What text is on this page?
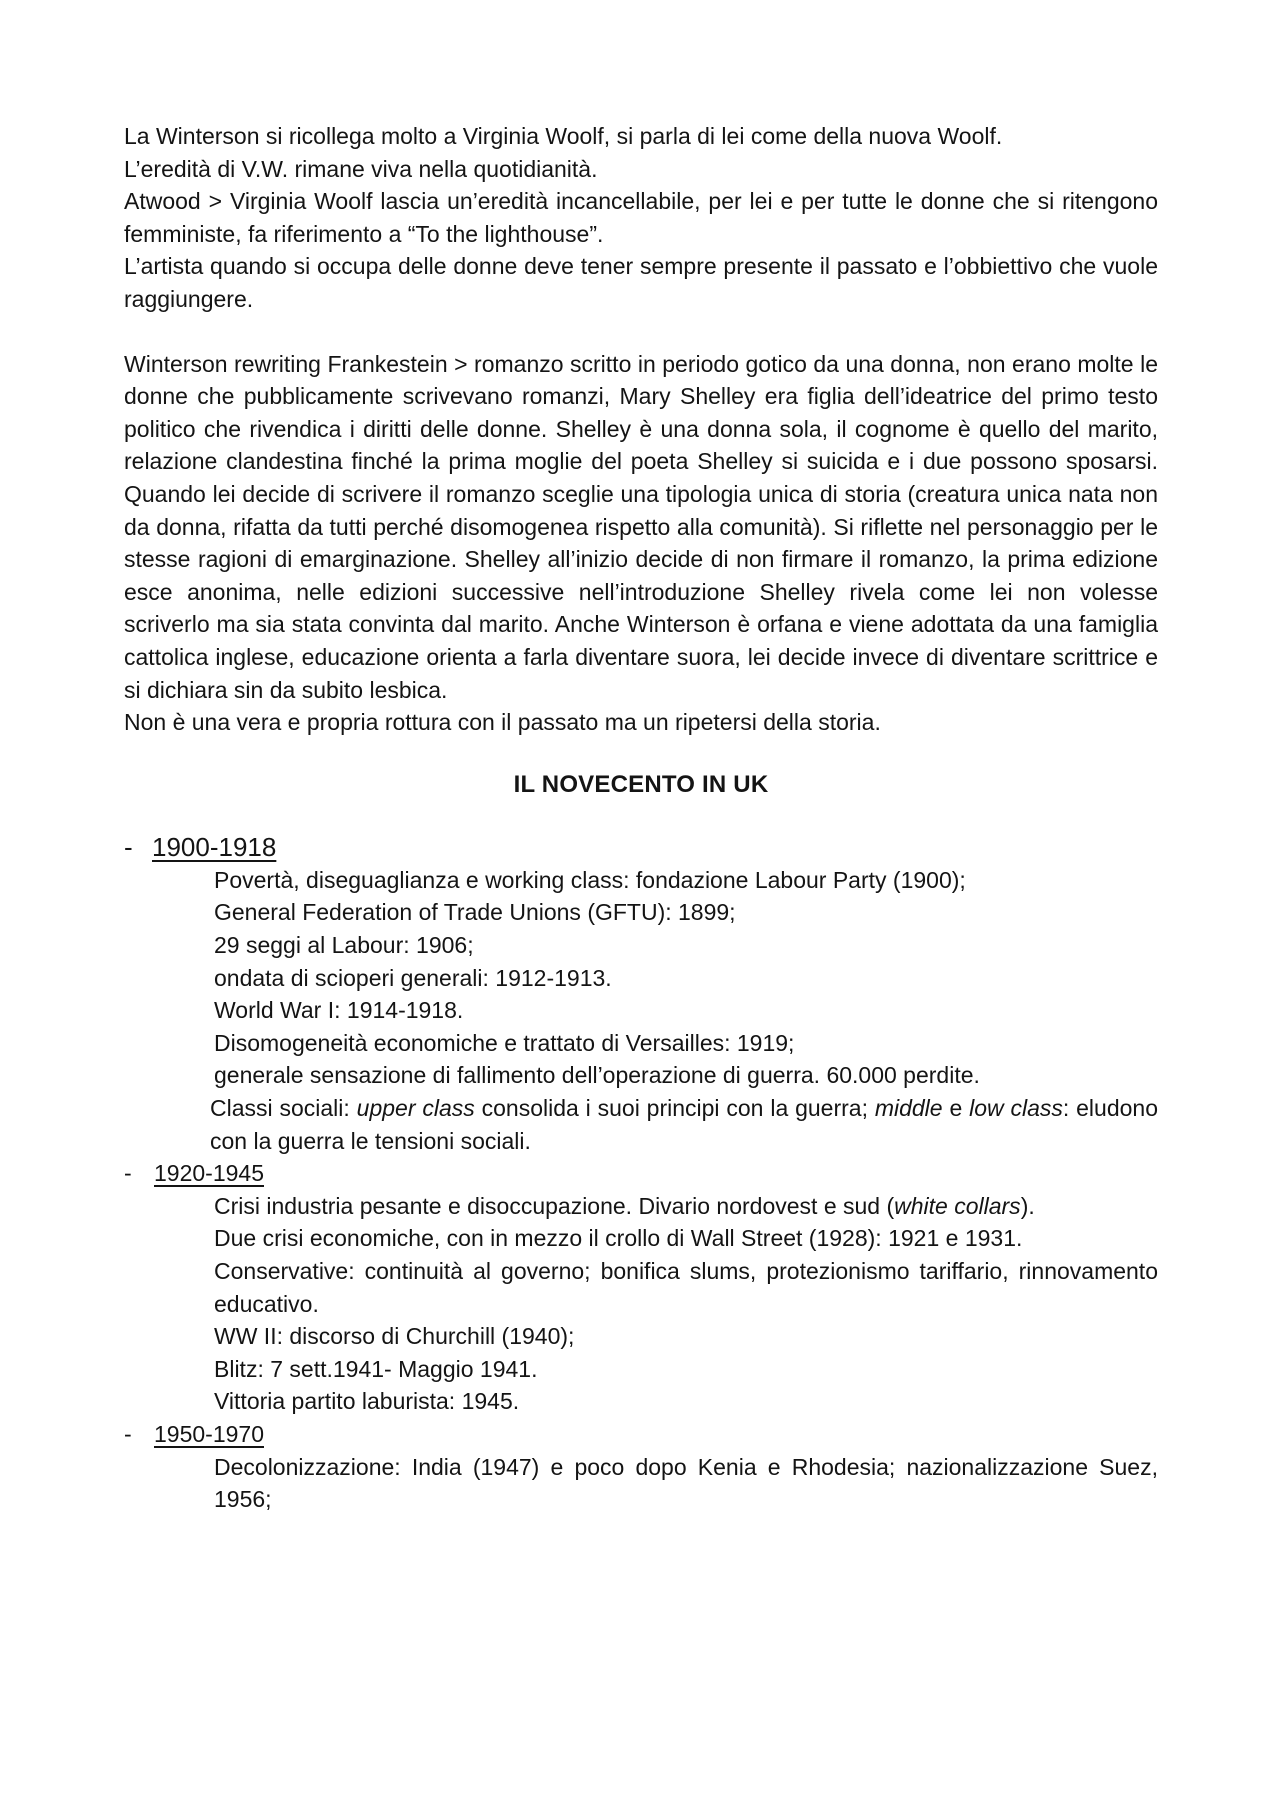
La Winterson si ricollega molto a Virginia Woolf, si parla di lei come della nuova Woolf.

L’eredità di V.W. rimane viva nella quotidianità.

Atwood > Virginia Woolf lascia un’eredità incancellabile, per lei e per tutte le donne che si ritengono femministe, fa riferimento a “To the lighthouse”.

L’artista quando si occupa delle donne deve tener sempre presente il passato e l’obbiettivo che vuole raggiungere.

Winterson rewriting Frankestein > romanzo scritto in periodo gotico da una donna, non erano molte le donne che pubblicamente scrivevano romanzi, Mary Shelley era figlia dell’ideatrice del primo testo politico che rivendica i diritti delle donne. Shelley è una donna sola, il cognome è quello del marito, relazione clandestina finché la prima moglie del poeta Shelley si suicida e i due possono sposarsi. Quando lei decide di scrivere il romanzo sceglie una tipologia unica di storia (creatura unica nata non da donna, rifatta da tutti perché disomogenea rispetto alla comunità). Si riflette nel personaggio per le stesse ragioni di emarginazione. Shelley all’inizio decide di non firmare il romanzo, la prima edizione esce anonima, nelle edizioni successive nell’introduzione Shelley rivela come lei non volesse scriverlo ma sia stata convinta dal marito. Anche Winterson è orfana e viene adottata da una famiglia cattolica inglese, educazione orienta a farla diventare suora, lei decide invece di diventare scrittrice e si dichiara sin da subito lesbica.

Non è una vera e propria rottura con il passato ma un ripetersi della storia.

IL NOVECENTO IN UK
- 1900-1918

Povertà, diseguaglianza e working class: fondazione Labour Party (1900);

General Federation of Trade Unions (GFTU): 1899;

29 seggi al Labour: 1906;

ondata di scioperi generali: 1912-1913.

World War I: 1914-1918.

Disomogeneità economiche e trattato di Versailles: 1919;

generale sensazione di fallimento dell’operazione di guerra. 60.000 perdite.

Classi sociali: upper class consolida i suoi principi con la guerra; middle e low class: eludono con la guerra le tensioni sociali.

- 1920-1945

Crisi industria pesante e disoccupazione. Divario nordovest e sud (white collars).

Due crisi economiche, con in mezzo il crollo di Wall Street (1928): 1921 e 1931.

Conservative: continuità al governo; bonifica slums, protezionismo tariffario, rinnovamento educativo.

WW II: discorso di Churchill (1940);

Blitz: 7 sett.1941- Maggio 1941.

Vittoria partito laburista: 1945.

- 1950-1970

Decolonizzazione: India (1947) e poco dopo Kenia e Rhodesia; nazionalizzazione Suez, 1956;
